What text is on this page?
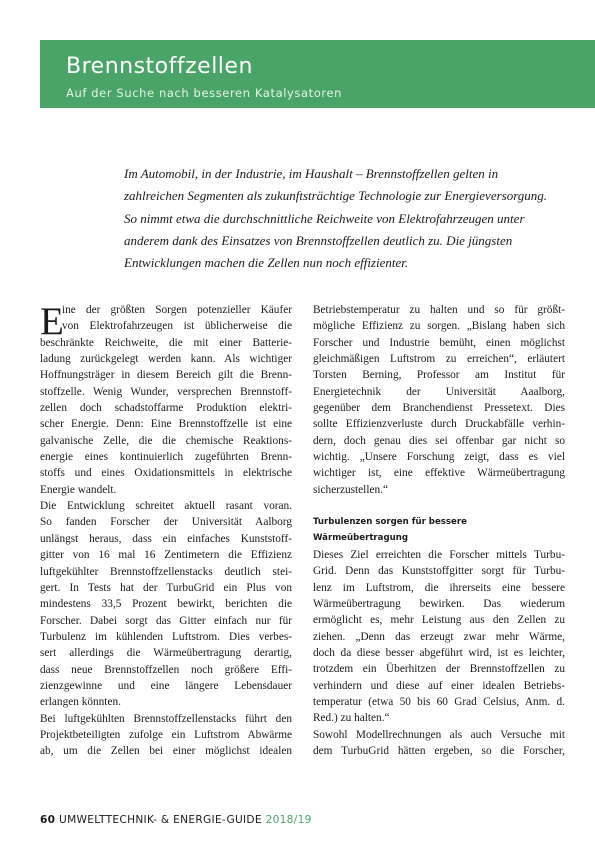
Brennstoffzellen
Auf der Suche nach besseren Katalysatoren
Im Automobil, in der Industrie, im Haushalt – Brennstoffzellen gelten in
zahlreichen Segmenten als zukunftsträchtige Technologie zur Energieversorgung.
So nimmt etwa die durchschnittliche Reichweite von Elektrofahrzeugen unter
anderem dank des Einsatzes von Brennstoffzellen deutlich zu. Die jüngsten
Entwicklungen machen die Zellen nun noch effizienter.
E
ine der größten Sorgen potenzieller Käufer
von Elektrofahrzeugen ist üblicherweise die
beschränkte Reichweite, die mit einer Batterie-
ladung zurückgelegt werden kann. Als wichtiger
Hoffnungsträger in diesem Bereich gilt die Brenn-
stoffzelle. Wenig Wunder, versprechen Brennstoff-
zellen doch schadstoffarme Produktion elektri-
scher Energie. Denn: Eine Brennstoffzelle ist eine
galvanische Zelle, die die chemische Reaktions-
energie eines kontinuierlich zugeführten Brenn-
stoffs und eines Oxidationsmittels in elektrische
Energie wandelt.
Die Entwicklung schreitet aktuell rasant voran.
So fanden Forscher der Universität Aalborg
unlängst heraus, dass ein einfaches Kunststoff-
gitter von 16 mal 16 Zentimetern die Effizienz
luftgekühlter Brennstoffzellenstacks deutlich stei-
gert. In Tests hat der TurbuGrid ein Plus von
mindestens 33,5 Prozent bewirkt, berichten die
Forscher. Dabei sorgt das Gitter einfach nur für
Turbulenz im kühlenden Luftstrom. Dies verbes-
sert allerdings die Wärmeübertragung derartig,
dass neue Brennstoffzellen noch größere Effi-
zienzgewinne und eine längere Lebensdauer
erlangen könnten.
Bei luftgekühlten Brennstoffzellenstacks führt den
Projektbeteiligten zufolge ein Luftstrom Abwärme
ab, um die Zellen bei einer möglichst idealen
Betriebstemperatur zu halten und so für größt-
mögliche Effizienz zu sorgen. „Bislang haben sich
Forscher und Industrie bemüht, einen möglichst
gleichmäßigen Luftstrom zu erreichen“, erläutert
Torsten Berning, Professor am Institut für
Energietechnik der Universität Aaalborg,
gegenüber dem Branchendienst Pressetext. Dies
sollte Effizienzverluste durch Druckabfälle verhin-
dern, doch genau dies sei offenbar gar nicht so
wichtig. „Unsere Forschung zeigt, dass es viel
wichtiger ist, eine effektive Wärmeübertragung
sicherzustellen.“
Turbulenzen sorgen für bessere
Wärmeübertragung
Dieses Ziel erreichten die Forscher mittels Turbu-
Grid. Denn das Kunststoffgitter sorgt für Turbu-
lenz im Luftstrom, die ihrerseits eine bessere
Wärmeübertragung bewirken. Das wiederum
ermöglicht es, mehr Leistung aus den Zellen zu
ziehen. „Denn das erzeugt zwar mehr Wärme,
doch da diese besser abgeführt wird, ist es leichter,
trotzdem ein Überhitzen der Brennstoffzellen zu
verhindern und diese auf einer idealen Betriebs-
temperatur (etwa 50 bis 60 Grad Celsius, Anm. d.
Red.) zu halten.“
Sowohl Modellrechnungen als auch Versuche mit
dem TurbuGrid hätten ergeben, so die Forscher,
60 UMWELTTECHNIK- & ENERGIE-GUIDE 2018/19
